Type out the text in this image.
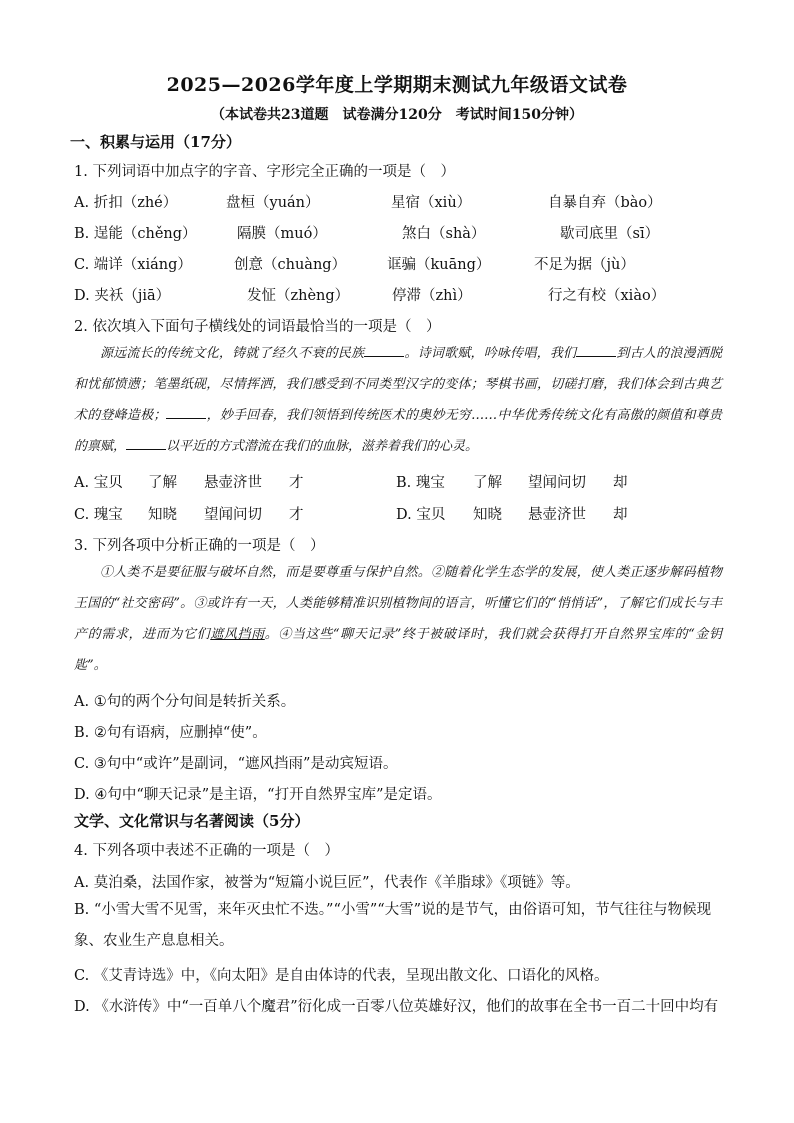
2025—2026学年度上学期期末测试九年级语文试卷
（本试卷共23道题　试卷满分120分　考试时间150分钟）
一、积累与运用（17分）
1. 下列词语中加点字的字音、字形完全正确的一项是（　）
A. 折扣（zhé）	盘桓（yuán）	星宿（xiù）	自暴自弃（bào）
B. 逞能（chěng）	隔膜（muó）	煞白（shà）	歇司底里（sī）
C. 端详（xiáng）	创意（chuàng）	诓骗（kuāng）	不足为据（jù）
D. 夹袄（jiā）	发怔（zhèng）	停滞（zhì）	行之有校（xiào）
2. 依次填入下面句子横线处的词语最恰当的一项是（　）

源远流长的传统文化，铸就了经久不衰的民族	。诗词歌赋，吟咏传唱，我们	到古人的浪漫洒脱和忧郁愤懑；笔墨纸砚，尽情挥洒，我们感受到不同类型汉字的变体；琴棋书画，切磋打磨，我们体会到古典艺术的登峰造极；	，妙手回春，我们领悟到传统医术的奥妙无穷……中华优秀传统文化有高傲的颜值和尊贵的禀赋，	以平近的方式潜流在我们的血脉，滋养着我们的心灵。

A. 宝贝 了解 悬壶济世 才	B. 瑰宝 了解 望闻问切 却
C. 瑰宝 知晓 望闻问切 才	D. 宝贝 知晓 悬壶济世 却
3. 下列各项中分析正确的一项是（　）

①人类不是要征服与破坏自然，而是要尊重与保护自然。②随着化学生态学的发展，使人类正逐步解码植物王国的“社交密码”。③或许有一天，人类能够精准识别植物间的语言，听懂它们的“悄悄话”，了解它们成长与丰产的需求，进而为它们遮风挡雨。④当这些“聊天记录”终于被破译时，我们就会获得打开自然界宝库的“金钥匙”。

A. ①句的两个分句间是转折关系。
B. ②句有语病，应删掉“使”。
C. ③句中“或许”是副词，“遮风挡雨”是动宾短语。
D. ④句中“聊天记录”是主语，“打开自然界宝库”是定语。
文学、文化常识与名著阅读（5分）
4. 下列各项中表述不正确的一项是（　）
A. 莫泊桑，法国作家，被誉为“短篇小说巨匠”，代表作《羊脂球》《项链》等。

B. “小雪大雪不见雪，来年灭虫忙不迭。”“小雪”“大雪”说的是节气，由俗语可知，节气往往与物候现象、农业生产息息相关。

C. 《艾青诗选》中，《向太阳》是自由体诗的代表，呈现出散文化、口语化的风格。
D. 《水浒传》中“一百单八个魔君”衍化成一百零八位英雄好汉，他们的故事在全书一百二十回中均有
